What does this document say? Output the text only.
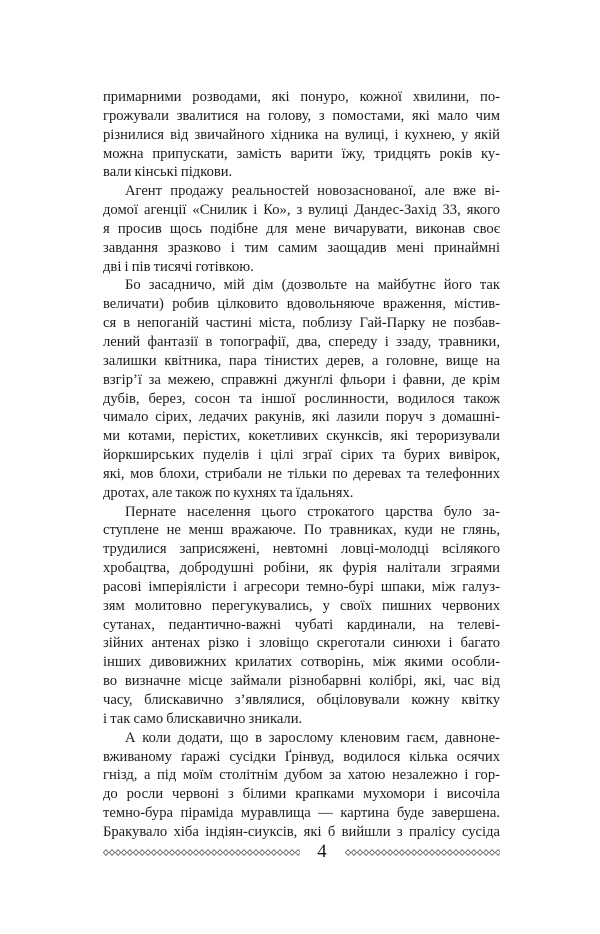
примарними розводами, які понуро, кожної хвилини, по-
грожували звалитися на голову, з помостами, які мало чим
різнилися від звичайного хідника на вулиці, і кухнею, у якій
можна припускати, замість варити їжу, тридцять років ку-
вали кінські підкови.
Агент продажу реальностей новозаснованої, але вже ві-
домої агенції «Снилик і Ко», з вулиці Дандес-Захід 33, якого
я просив щось подібне для мене вичарувати, виконав своє
завдання зразково і тим самим заощадив мені принаймні
дві і пів тисячі готівкою.
Бо засадничо, мій дім (дозвольте на майбутнє його так
величати) робив цілковито вдовольняюче враження, містив-
ся в непоганій частині міста, поблизу Гай-Парку не позбав-
лений фантазії в топографії, два, спереду і ззаду, травники,
залишки квітника, пара тінистих дерев, а головне, вище на
взгір’ї за межею, справжні джунґлі фльори і фавни, де крім
дубів, берез, сосон та іншої рослинности, водилося також
чимало сірих, ледачих ракунів, які лазили поруч з домашні-
ми котами, перістих, кокетливих скунксів, які тероризували
йоркширських пуделів і цілі зграї сірих та бурих вивірок,
які, мов блохи, стрибали не тільки по деревах та телефонних
дротах, але також по кухнях та їдальнях.
Пернате населення цього строкатого царства було за-
ступлене не менш вражаюче. По травниках, куди не глянь,
трудилися заприсяжені, невтомні ловці-молодці всілякого
хробацтва, добродушні робіни, як фурія налітали зграями
расові імперіялісти і агресори темно-бурі шпаки, між галуз-
зям молитовно перегукувались, у своїх пишних червоних
сутанах, педантично-важні чубаті кардинали, на телеві-
зійних антенах різко і зловіщо скреготали синюхи і багато
інших дивовижних крилатих сотворінь, між якими особли-
во визначне місце займали різнобарвні колібрі, які, час від
часу, блискавично з’являлися, обціловували кожну квітку
і так само блискавично зникали.
А коли додати, що в зарослому кленовим гаєм, давноне-
вживаному ґаражі сусідки Ґрінвуд, водилося кілька осячих
гнізд, а під моїм столітнім дубом за хатою незалежно і гор-
до росли червоні з білими крапками мухомори і височіла
темно-бура піраміда муравлища — картина буде завершена.
Бракувало хіба індіян-сиуксів, які б вийшли з пралісу сусіда
4
